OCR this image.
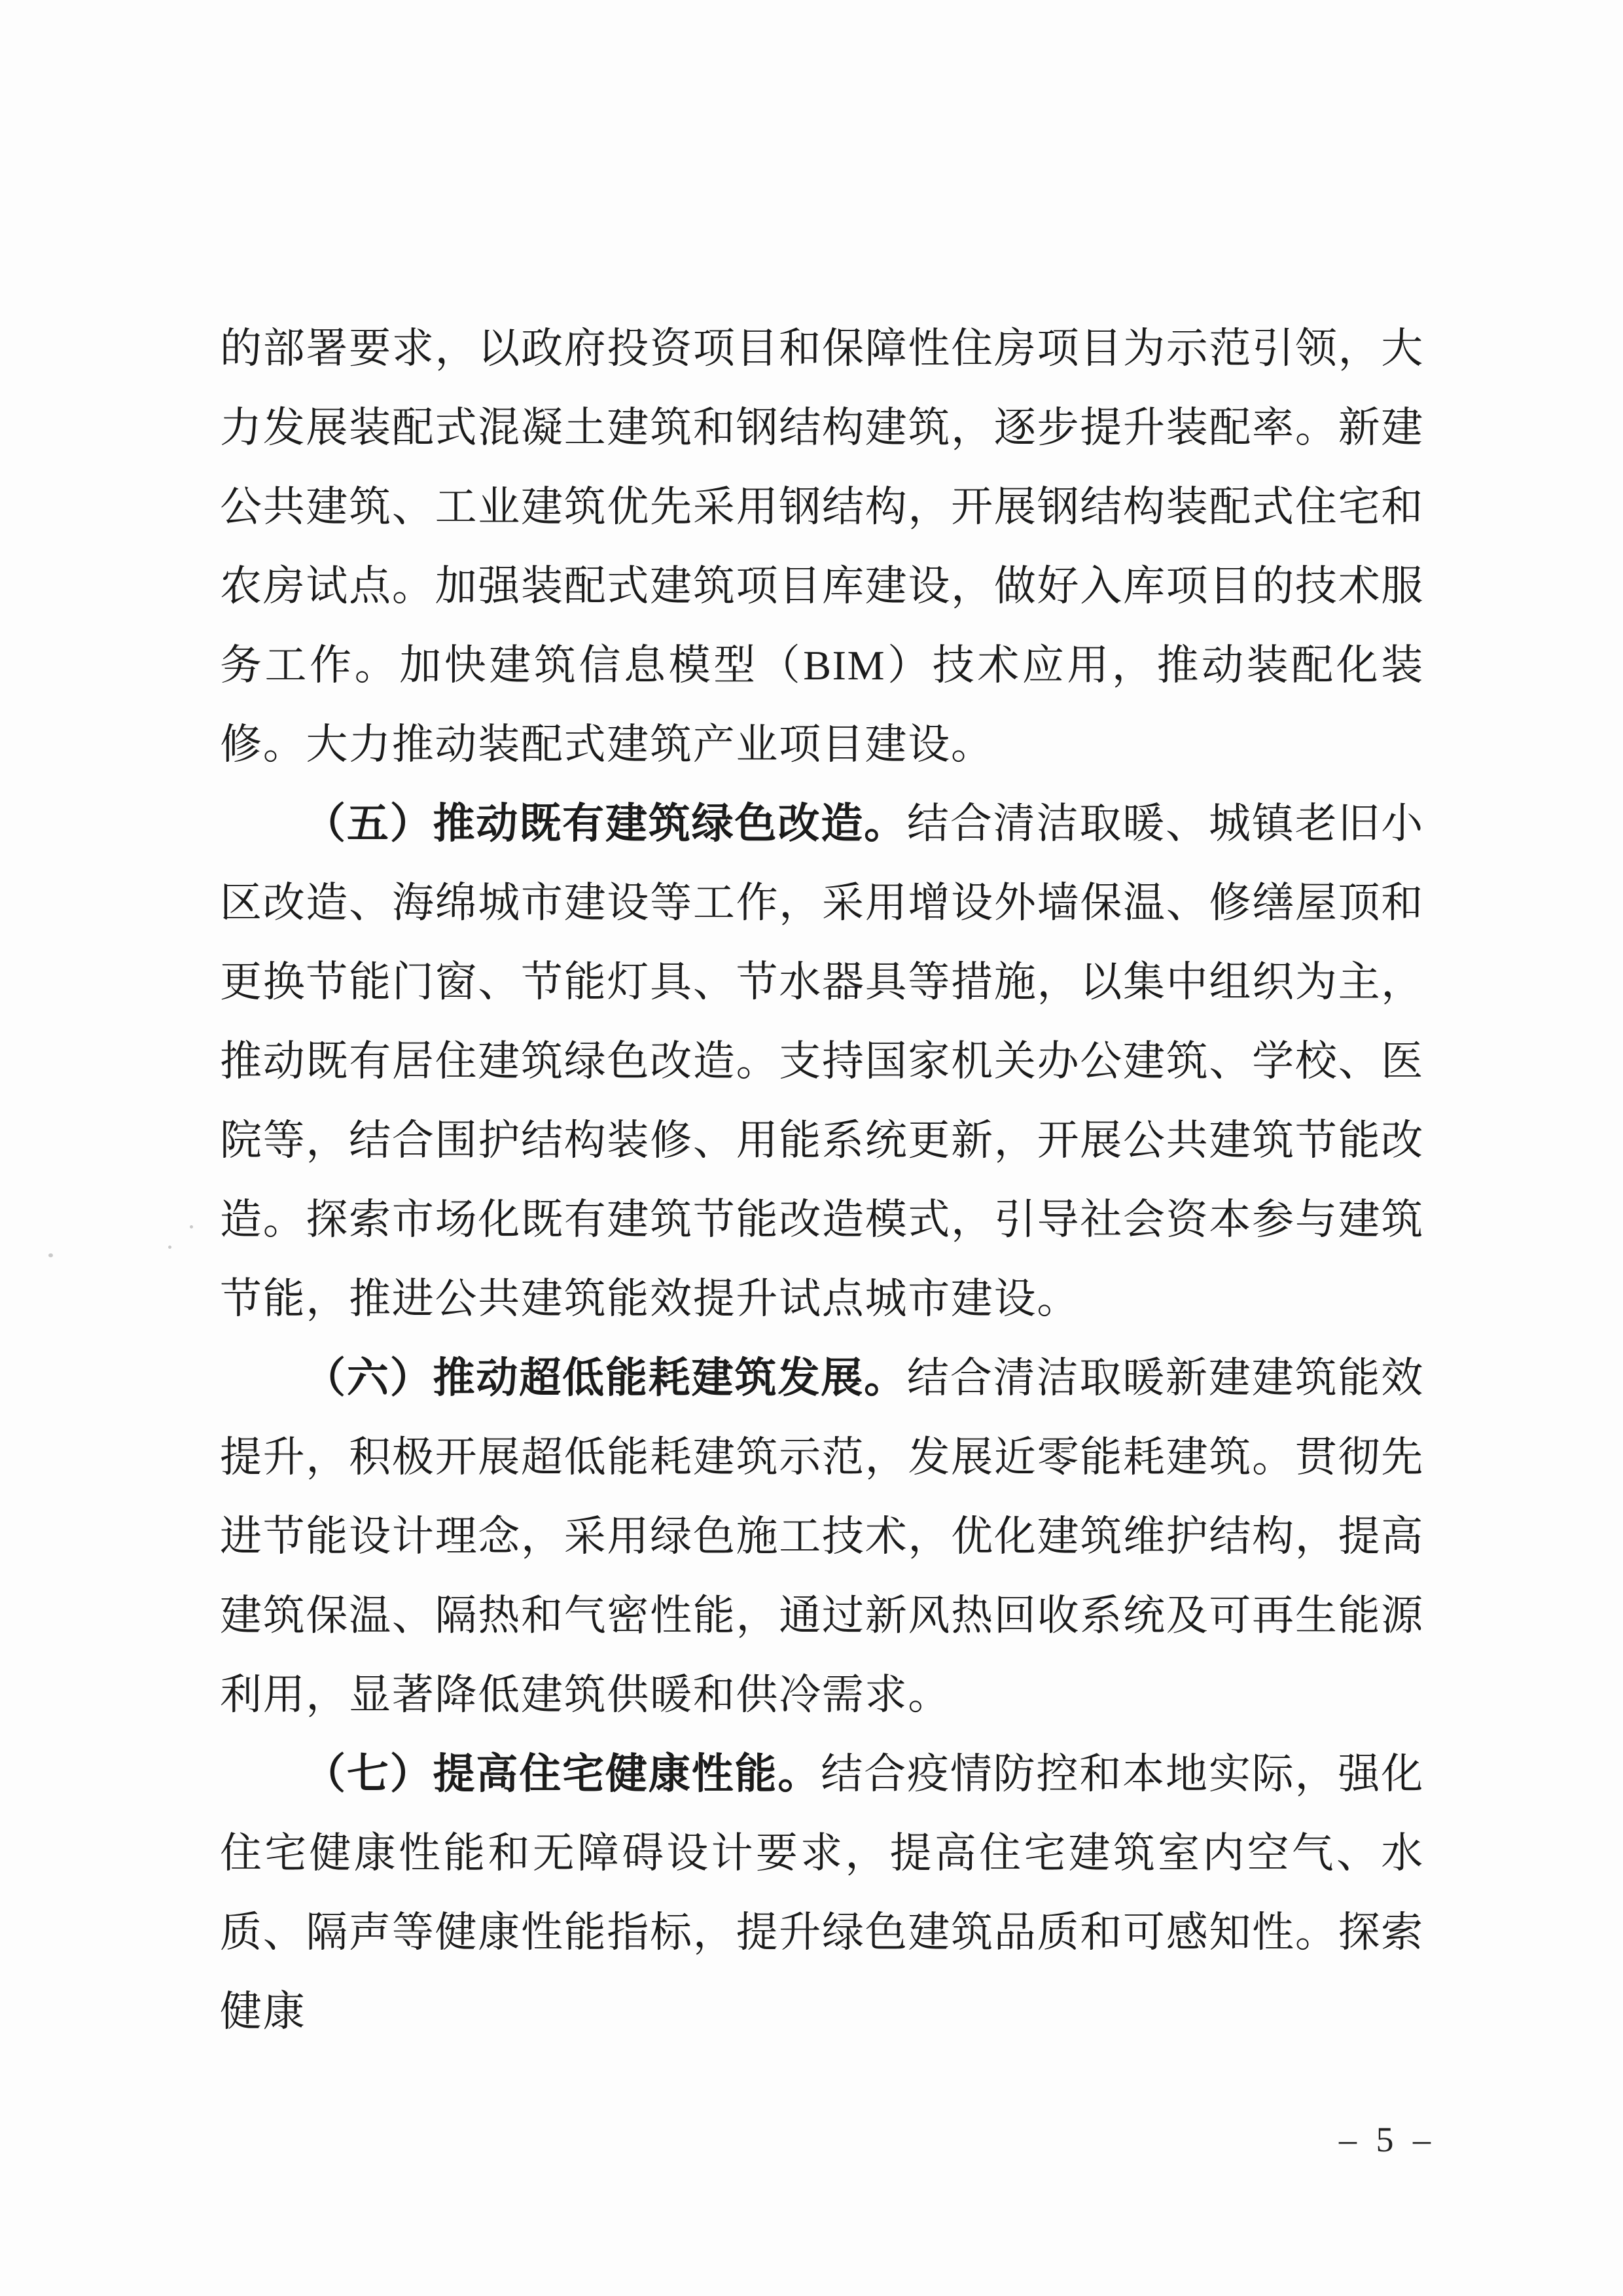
的部署要求，以政府投资项目和保障性住房项目为示范引领，大力发展装配式混凝土建筑和钢结构建筑，逐步提升装配率。新建公共建筑、工业建筑优先采用钢结构，开展钢结构装配式住宅和农房试点。加强装配式建筑项目库建设，做好入库项目的技术服务工作。加快建筑信息模型（BIM）技术应用，推动装配化装修。大力推动装配式建筑产业项目建设。

（五）推动既有建筑绿色改造。结合清洁取暖、城镇老旧小区改造、海绵城市建设等工作，采用增设外墙保温、修缮屋顶和更换节能门窗、节能灯具、节水器具等措施，以集中组织为主，推动既有居住建筑绿色改造。支持国家机关办公建筑、学校、医院等，结合围护结构装修、用能系统更新，开展公共建筑节能改造。探索市场化既有建筑节能改造模式，引导社会资本参与建筑节能，推进公共建筑能效提升试点城市建设。

（六）推动超低能耗建筑发展。结合清洁取暖新建建筑能效提升，积极开展超低能耗建筑示范，发展近零能耗建筑。贯彻先进节能设计理念，采用绿色施工技术，优化建筑维护结构，提高建筑保温、隔热和气密性能，通过新风热回收系统及可再生能源利用，显著降低建筑供暖和供冷需求。

（七）提高住宅健康性能。结合疫情防控和本地实际，强化住宅健康性能和无障碍设计要求，提高住宅建筑室内空气、水质、隔声等健康性能指标，提升绿色建筑品质和可感知性。探索健康

– 5 –
